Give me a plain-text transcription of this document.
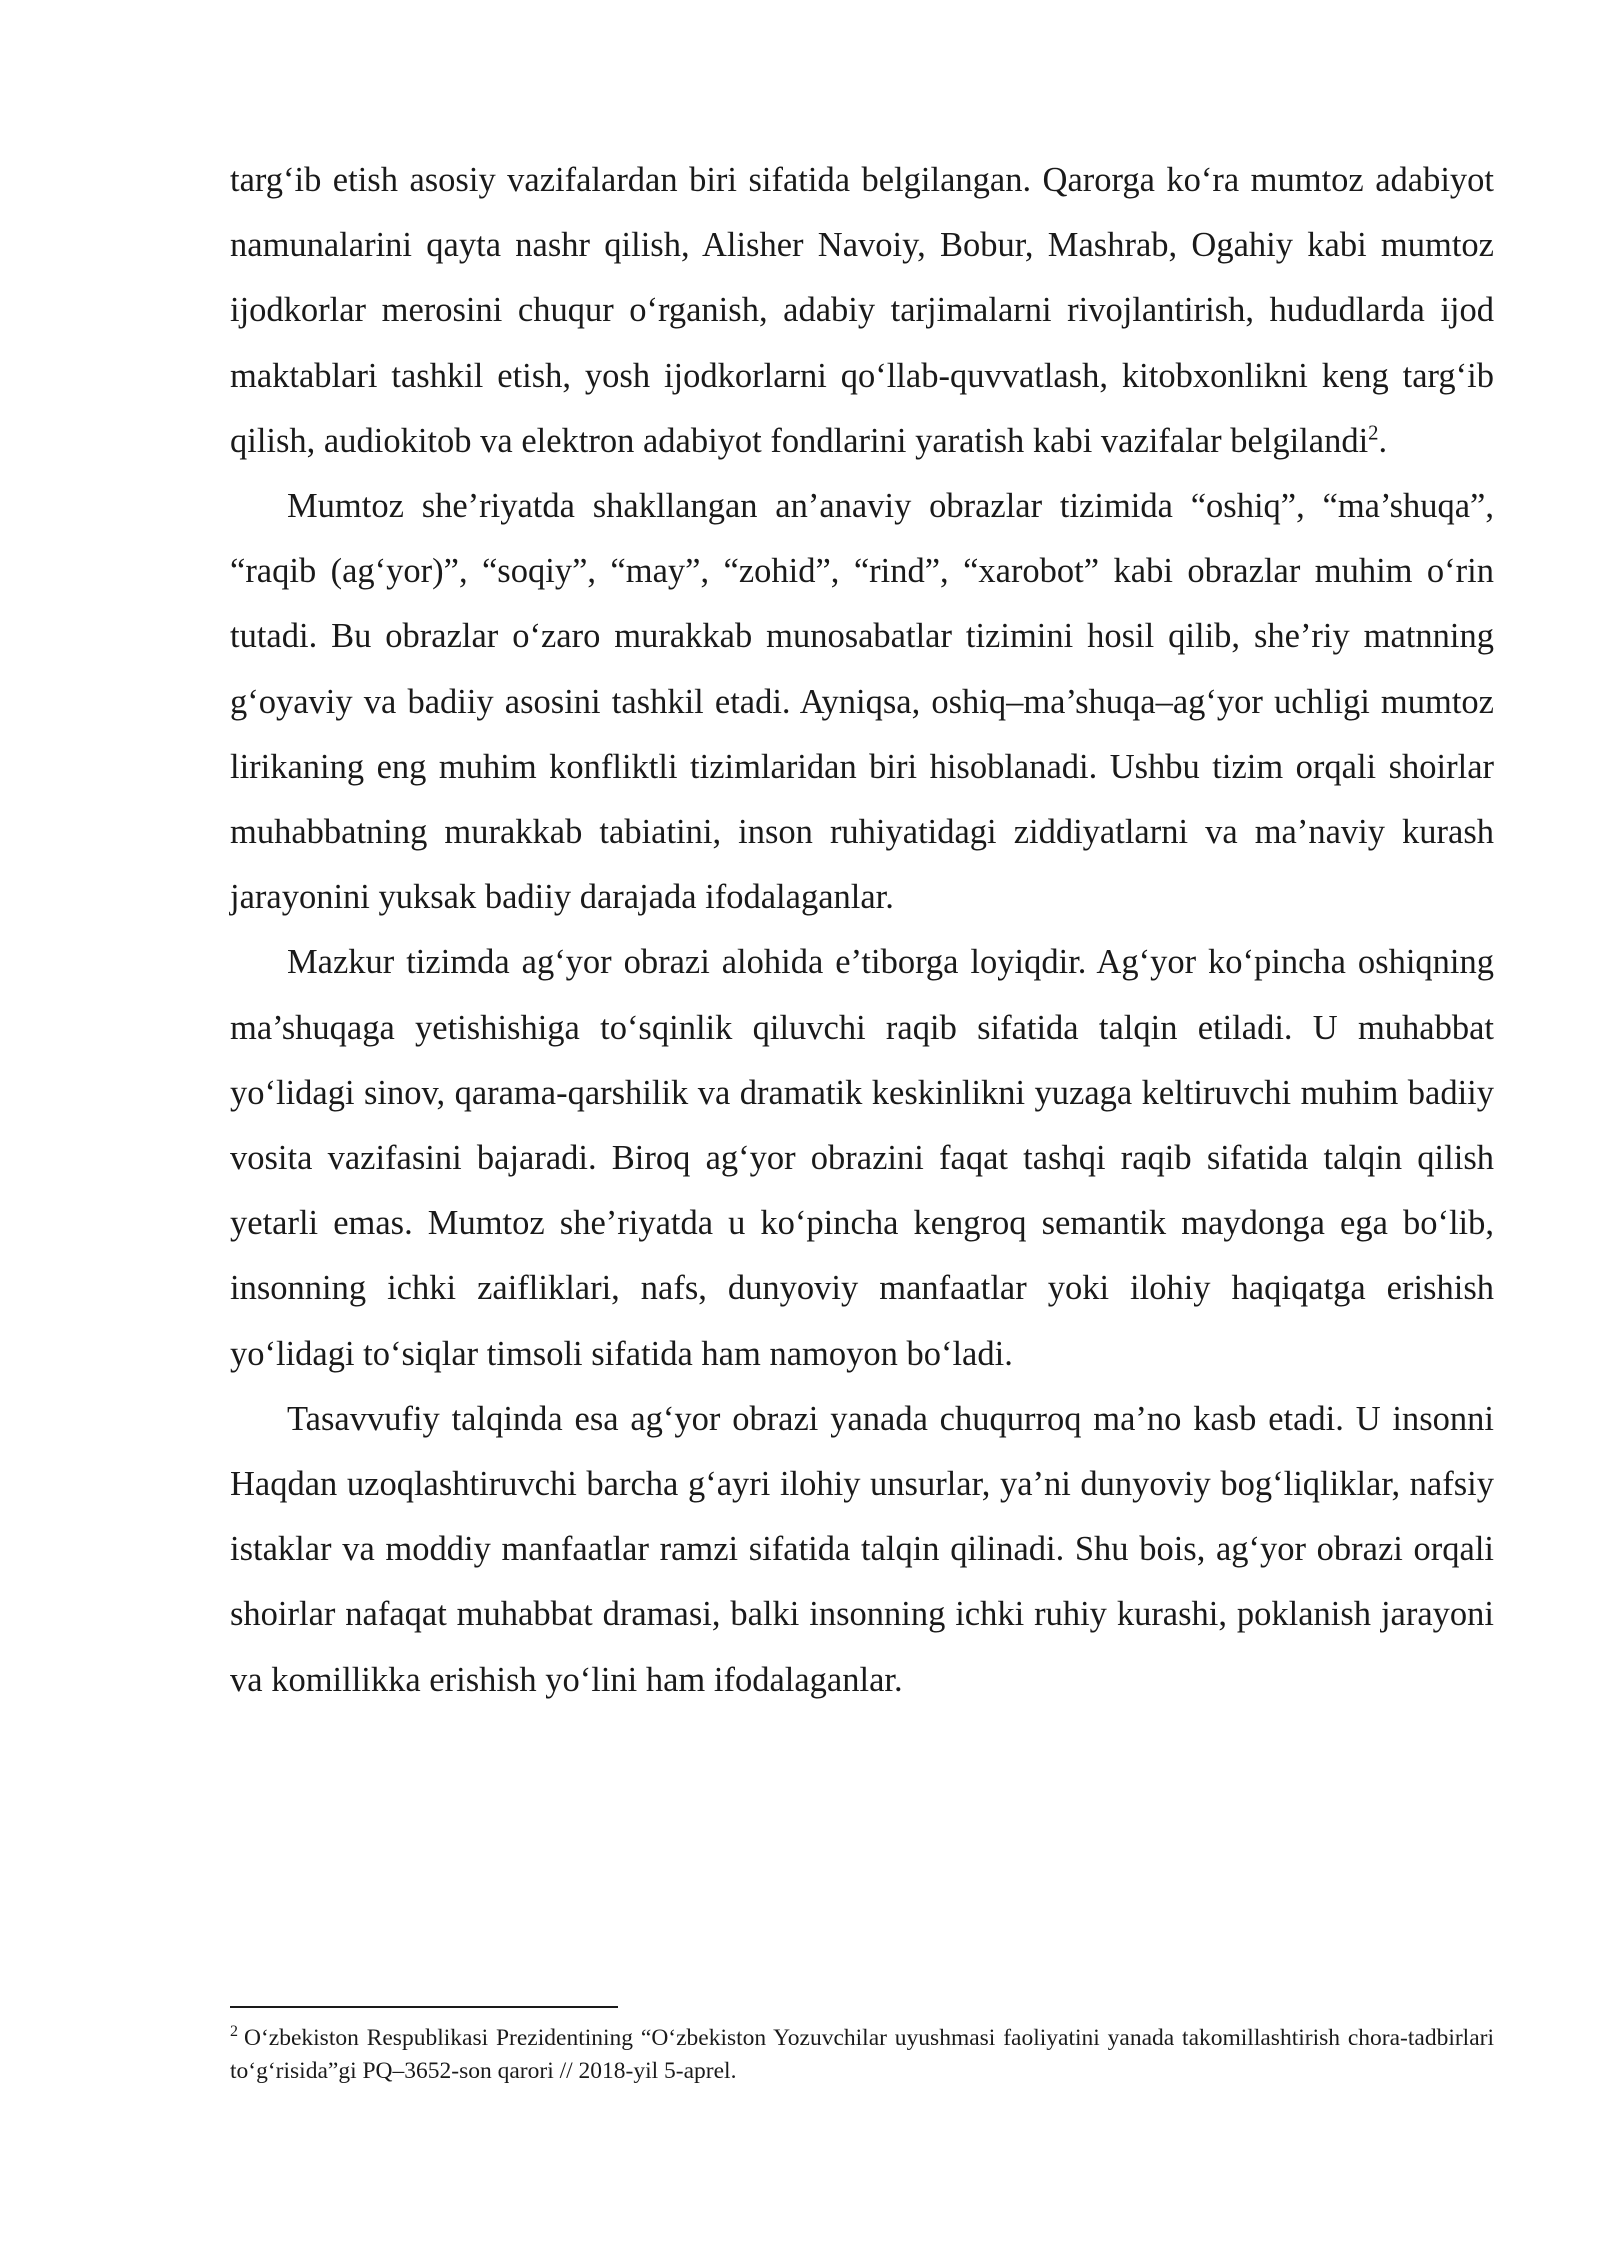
targ‘ib etish asosiy vazifalardan biri sifatida belgilangan. Qarorga ko‘ra mumtoz adabiyot namunalarini qayta nashr qilish, Alisher Navoiy, Bobur, Mashrab, Ogahiy kabi mumtoz ijodkorlar merosini chuqur o‘rganish, adabiy tarjimalarni rivojlantirish, hududlarda ijod maktablari tashkil etish, yosh ijodkorlarni qo‘llab-quvvatlash, kitobxonlikni keng targ‘ib qilish, audiokitob va elektron adabiyot fondlarini yaratish kabi vazifalar belgilandi$^2$.

Mumtoz she’riyatda shakllangan an’anaviy obrazlar tizimida “oshiq”, “ma’shuqa”, “raqib (ag‘yor)”, “soqiy”, “may”, “zohid”, “rind”, “xarobot” kabi obrazlar muhim o‘rin tutadi. Bu obrazlar o‘zaro murakkab munosabatlar tizimini hosil qilib, she’riy matnning g‘oyaviy va badiiy asosini tashkil etadi. Ayniqsa, oshiq–ma’shuqa–ag‘yor uchligi mumtoz lirikaning eng muhim konfliktli tizimlaridan biri hisoblanadi. Ushbu tizim orqali shoirlar muhabbatning murakkab tabiatini, inson ruhiyatidagi ziddiyatlarni va ma’naviy kurash jarayonini yuksak badiiy darajada ifodalaganlar.

Mazkur tizimda ag‘yor obrazi alohida e’tiborga loyiqdir. Ag‘yor ko‘pincha oshiqning ma’shuqaga yetishishiga to‘sqinlik qiluvchi raqib sifatida talqin etiladi. U muhabbat yo‘lidagi sinov, qarama-qarshilik va dramatik keskinlikni yuzaga keltiruvchi muhim badiiy vosita vazifasini bajaradi. Biroq ag‘yor obrazini faqat tashqi raqib sifatida talqin qilish yetarli emas. Mumtoz she’riyatda u ko‘pincha kengroq semantik maydonga ega bo‘lib, insonning ichki zaifliklari, nafs, dunyoviy manfaatlar yoki ilohiy haqiqatga erishish yo‘lidagi to‘siqlar timsoli sifatida ham namoyon bo‘ladi.

Tasavvufiy talqinda esa ag‘yor obrazi yanada chuqurroq ma’no kasb etadi. U insonni Haqdan uzoqlashtiruvchi barcha g‘ayri ilohiy unsurlar, ya’ni dunyoviy bog‘liqliklar, nafsiy istaklar va moddiy manfaatlar ramzi sifatida talqin qilinadi. Shu bois, ag‘yor obrazi orqali shoirlar nafaqat muhabbat dramasi, balki insonning ichki ruhiy kurashi, poklanish jarayoni va komillikka erishish yo‘lini ham ifodalaganlar.

$^2$ O‘zbekiston Respublikasi Prezidentining “O‘zbekiston Yozuvchilar uyushmasi faoliyatini yanada takomillashtirish chora-tadbirlari to‘g‘risida”gi PQ–3652-son qarori // 2018-yil 5-aprel.
